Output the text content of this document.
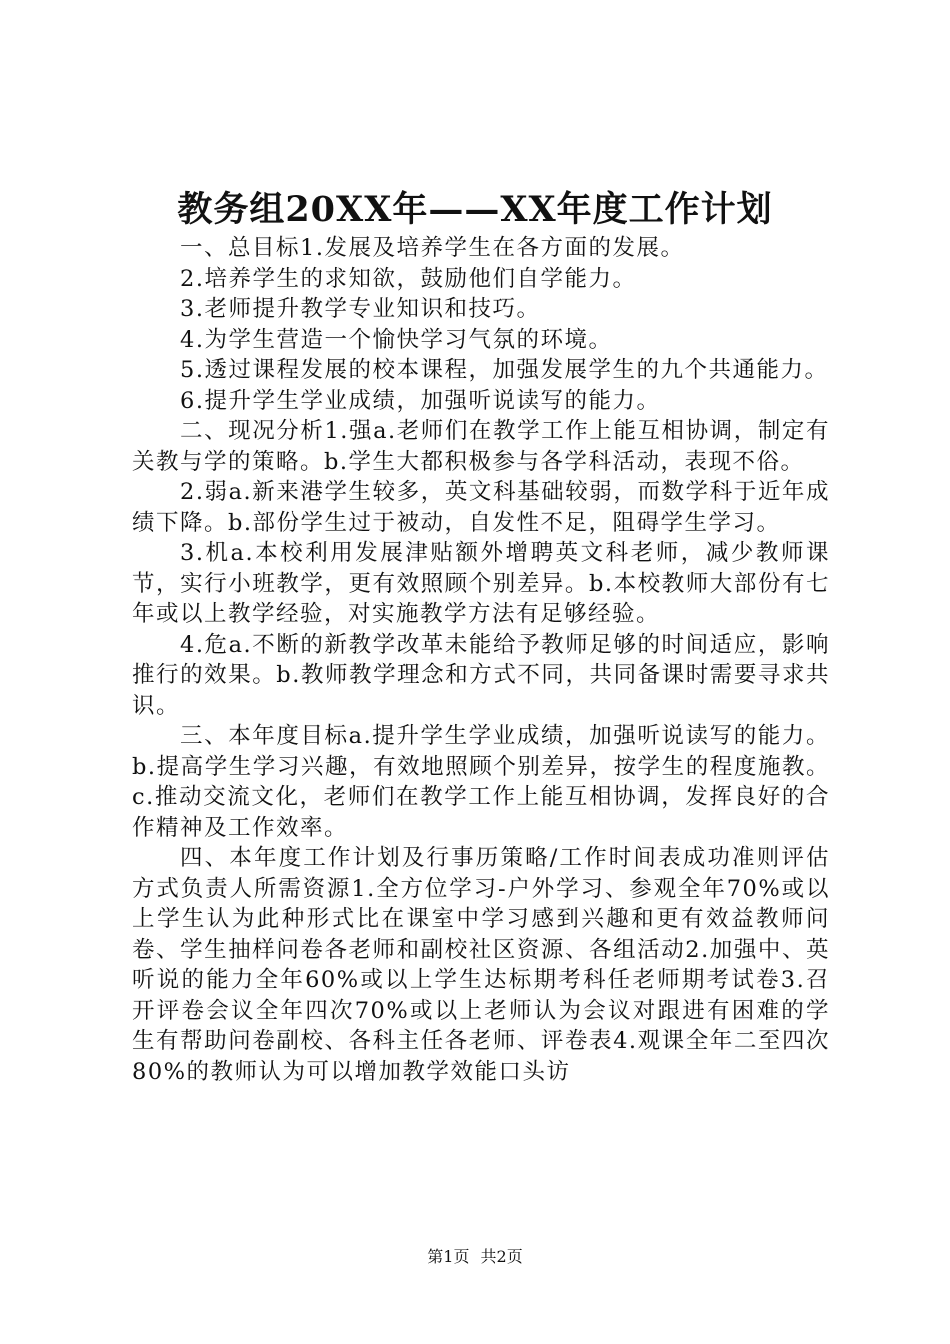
教务组20XX年——XX年度工作计划

一、总目标1.发展及培养学生在各方面的发展。

2.培养学生的求知欲，鼓励他们自学能力。

3.老师提升教学专业知识和技巧。

4.为学生营造一个愉快学习气氛的环境。

5.透过课程发展的校本课程，加强发展学生的九个共通能力。

6.提升学生学业成绩，加强听说读写的能力。

二、现况分析1.强a.老师们在教学工作上能互相协调，制定有关教与学的策略。b.学生大都积极参与各学科活动，表现不俗。

2.弱a.新来港学生较多，英文科基础较弱，而数学科于近年成绩下降。b.部份学生过于被动，自发性不足，阻碍学生学习。

3.机a.本校利用发展津贴额外增聘英文科老师，减少教师课节，实行小班教学，更有效照顾个别差异。b.本校教师大部份有七年或以上教学经验，对实施教学方法有足够经验。

4.危a.不断的新教学改革未能给予教师足够的时间适应，影响推行的效果。b.教师教学理念和方式不同，共同备课时需要寻求共识。

三、本年度目标a.提升学生学业成绩，加强听说读写的能力。b.提高学生学习兴趣，有效地照顾个别差异，按学生的程度施教。c.推动交流文化，老师们在教学工作上能互相协调，发挥良好的合作精神及工作效率。

四、本年度工作计划及行事历策略/工作时间表成功准则评估方式负责人所需资源1.全方位学习-户外学习、参观全年70%或以上学生认为此种形式比在课室中学习感到兴趣和更有效益教师问卷、学生抽样问卷各老师和副校社区资源、各组活动2.加强中、英听说的能力全年60%或以上学生达标期考科任老师期考试卷3.召开评卷会议全年四次70%或以上老师认为会议对跟进有困难的学生有帮助问卷副校、各科主任各老师、评卷表4.观课全年二至四次80%的教师认为可以增加教学效能口头访

第1页 共2页
